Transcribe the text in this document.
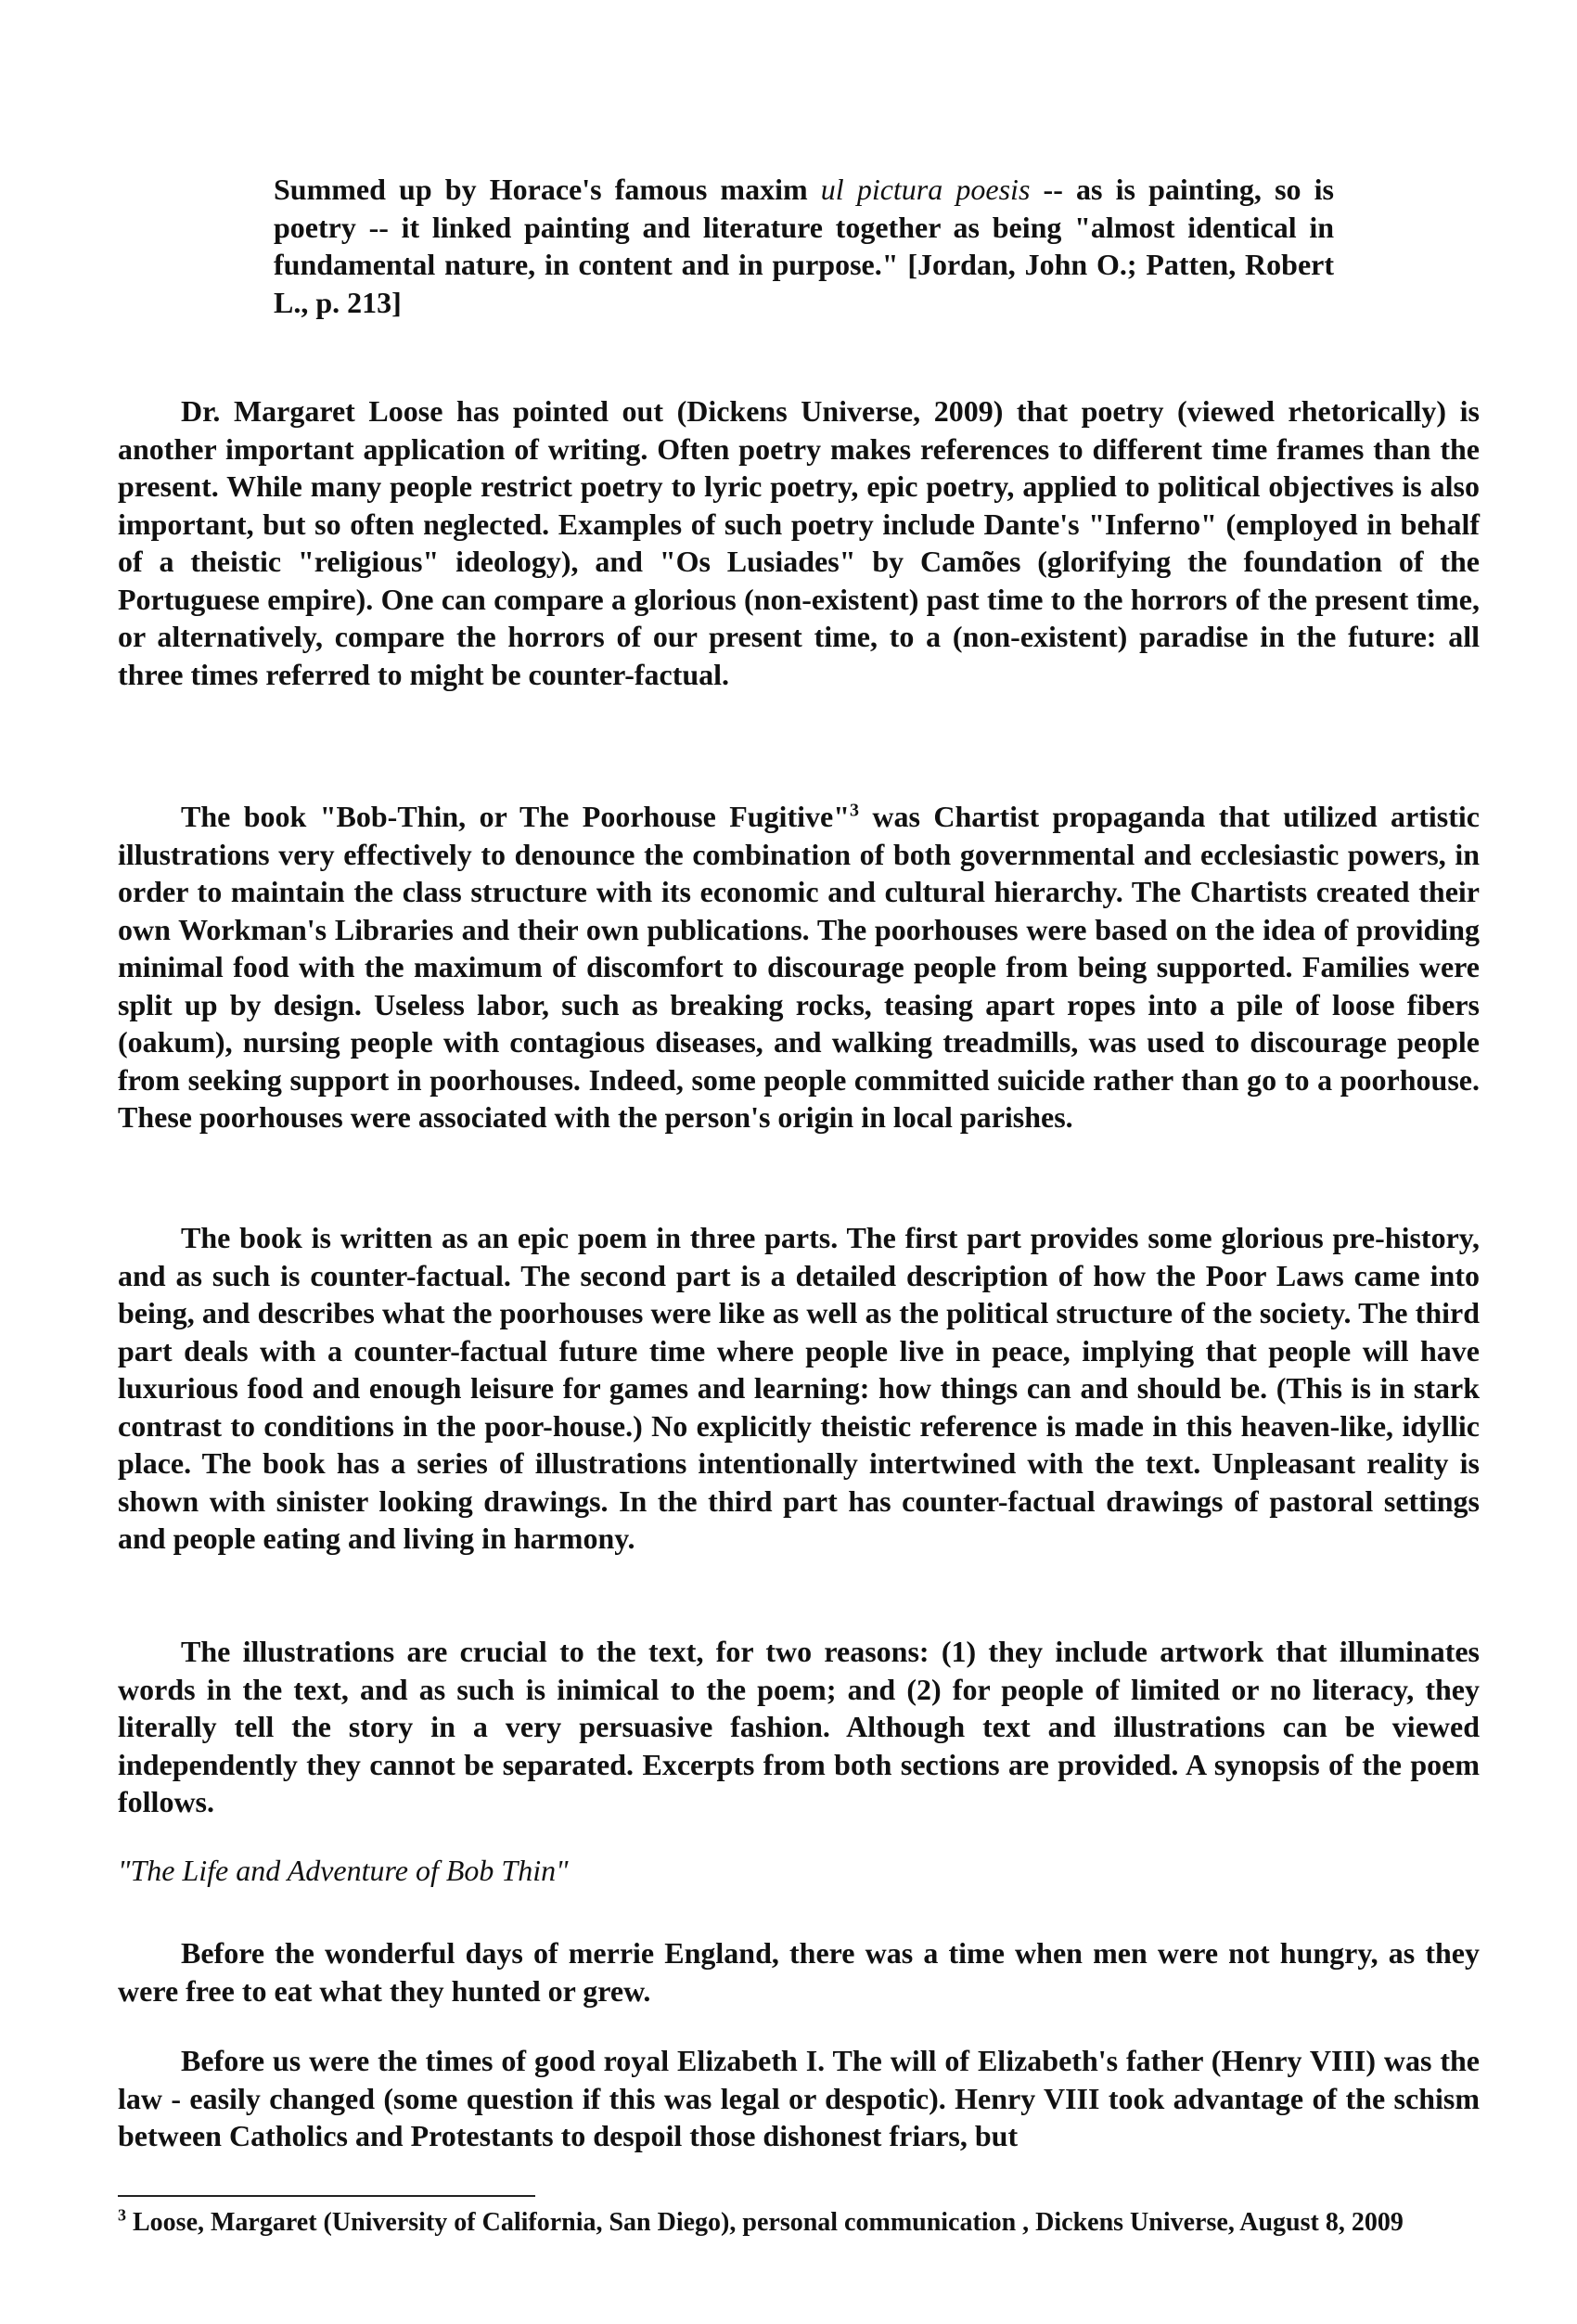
Summed up by Horace's famous maxim ul pictura poesis -- as is painting, so is poetry -- it linked painting and literature together as being "almost identical in fundamental nature, in content and in purpose." [Jordan, John O.; Patten, Robert L., p. 213]

Dr. Margaret Loose has pointed out (Dickens Universe, 2009) that poetry (viewed rhetorically) is another important application of writing. Often poetry makes references to different time frames than the present. While many people restrict poetry to lyric poetry, epic poetry, applied to political objectives is also important, but so often neglected. Examples of such poetry include Dante's "Inferno" (employed in behalf of a theistic "religious" ideology), and "Os Lusiades" by Camões (glorifying the foundation of the Portuguese empire). One can compare a glorious (non-existent) past time to the horrors of the present time, or alternatively, compare the horrors of our present time, to a (non-existent) paradise in the future: all three times referred to might be counter-factual.

The book "Bob-Thin, or The Poorhouse Fugitive"$^3$ was Chartist propaganda that utilized artistic illustrations very effectively to denounce the combination of both governmental and ecclesiastic powers, in order to maintain the class structure with its economic and cultural hierarchy. The Chartists created their own Workman's Libraries and their own publications. The poorhouses were based on the idea of providing minimal food with the maximum of discomfort to discourage people from being supported. Families were split up by design. Useless labor, such as breaking rocks, teasing apart ropes into a pile of loose fibers (oakum), nursing people with contagious diseases, and walking treadmills, was used to discourage people from seeking support in poorhouses. Indeed, some people committed suicide rather than go to a poorhouse. These poorhouses were associated with the person's origin in local parishes.

The book is written as an epic poem in three parts. The first part provides some glorious pre-history, and as such is counter-factual. The second part is a detailed description of how the Poor Laws came into being, and describes what the poorhouses were like as well as the political structure of the society. The third part deals with a counter-factual future time where people live in peace, implying that people will have luxurious food and enough leisure for games and learning: how things can and should be. (This is in stark contrast to conditions in the poor-house.) No explicitly theistic reference is made in this heaven-like, idyllic place. The book has a series of illustrations intentionally intertwined with the text. Unpleasant reality is shown with sinister looking drawings. In the third part has counter-factual drawings of pastoral settings and people eating and living in harmony.

The illustrations are crucial to the text, for two reasons: (1) they include artwork that illuminates words in the text, and as such is inimical to the poem; and (2) for people of limited or no literacy, they literally tell the story in a very persuasive fashion. Although text and illustrations can be viewed independently they cannot be separated. Excerpts from both sections are provided. A synopsis of the poem follows.

"The Life and Adventure of Bob Thin"

Before the wonderful days of merrie England, there was a time when men were not hungry, as they were free to eat what they hunted or grew.

Before us were the times of good royal Elizabeth I. The will of Elizabeth's father (Henry VIII) was the law - easily changed (some question if this was legal or despotic). Henry VIII took advantage of the schism between Catholics and Protestants to despoil those dishonest friars, but

$^3$ Loose, Margaret (University of California, San Diego), personal communication , Dickens Universe, August 8, 2009
